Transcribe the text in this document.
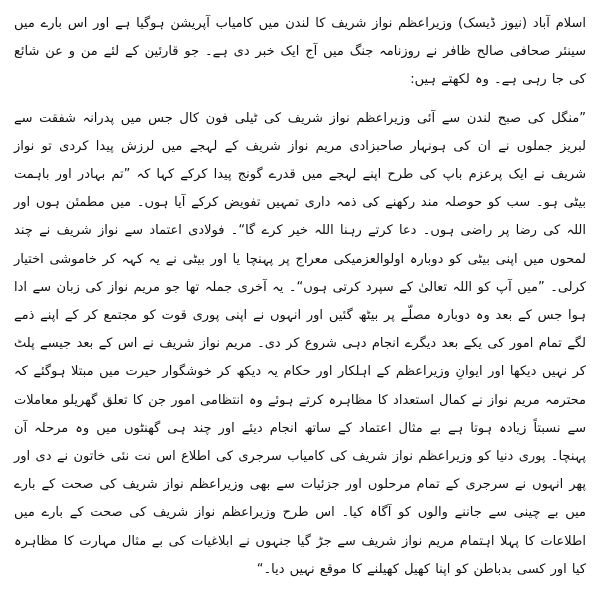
اسلام آباد (نیوز ڈیسک) وزیراعظم نواز شریف کا لندن میں کامیاب آپریشن ہوگیا ہے اور اس بارے میں سینئر صحافی صالح ظافر نے روزنامہ جنگ میں آج ایک خبر دی ہے۔ جو قارئین کے لئے من و عن شائع کی جا رہی ہے۔ وہ لکھتے ہیں:

”منگل کی صبح لندن سے آئی وزیراعظم نواز شریف کی ٹیلی فون کال جس میں پدرانہ شفقت سے لبریز جملوں نے ان کی ہونہار صاحبزادی مریم نواز شریف کے لہجے میں لرزش پیدا کردی تو نواز شریف نے ایک پرعزم باپ کی طرح اپنے لہجے میں قدرے گونج پیدا کرکے کہا کہ ”تم بہادر اور باہمت بیٹی ہو۔ سب کو حوصلہ مند رکھنے کی ذمہ داری تمہیں تفویض کرکے آیا ہوں۔ میں مطمئن ہوں اور اللہ کی رضا پر راضی ہوں۔ دعا کرتے رہنا اللہ خیر کرے گا“۔ فولادی اعتماد سے نواز شریف نے چند لمحوں میں اپنی بیٹی کو دوبارہ اولوالعزمیکی معراج پر پہنچا یا اور بیٹی نے یہ کہہ کر خاموشی اختیار کرلی۔ ”میں آپ کو اللہ تعالیٰ کے سپرد کرتی ہوں“۔ یہ آخری جملہ تھا جو مریم نواز کی زبان سے ادا ہوا جس کے بعد وہ دوبارہ مصلّے پر بیٹھ گئیں اور انہوں نے اپنی پوری قوت کو مجتمع کر کے اپنے ذمے لگے تمام امور کی یکے بعد دیگرے انجام دہی شروع کر دی۔ مریم نواز شریف نے اس کے بعد جیسے پلٹ کر نہیں دیکھا اور ایوانِ وزیراعظم کے اہلکار اور حکام یہ دیکھ کر خوشگوار حیرت میں مبتلا ہوگئے کہ محترمہ مریم نواز نے کمال استعداد کا مظاہرہ کرتے ہوئے وہ انتظامی امور جن کا تعلق گھریلو معاملات سے نسبتاً زیادہ ہوتا ہے بے مثال اعتماد کے ساتھ انجام دیئے اور چند ہی گھنٹوں میں وہ مرحلہ آن پہنچا۔ پوری دنیا کو وزیراعظم نواز شریف کی کامیاب سرجری کی اطلاع اس نت نئی خاتون نے دی اور پھر انہوں نے سرجری کے تمام مرحلوں اور جزئیات سے بھی وزیراعظم نواز شریف کی صحت کے بارے میں بے چینی سے جاننے والوں کو آگاہ کیا۔ اس طرح وزیراعظم نواز شریف کی صحت کے بارے میں اطلاعات کا پہلا اہتمام مریم نواز شریف سے جڑ گیا جنہوں نے ابلاغیات کی بے مثال مہارت کا مظاہرہ کیا اور کسی بدباطن کو اپنا کھیل کھیلنے کا موقع نہیں دیا۔“
